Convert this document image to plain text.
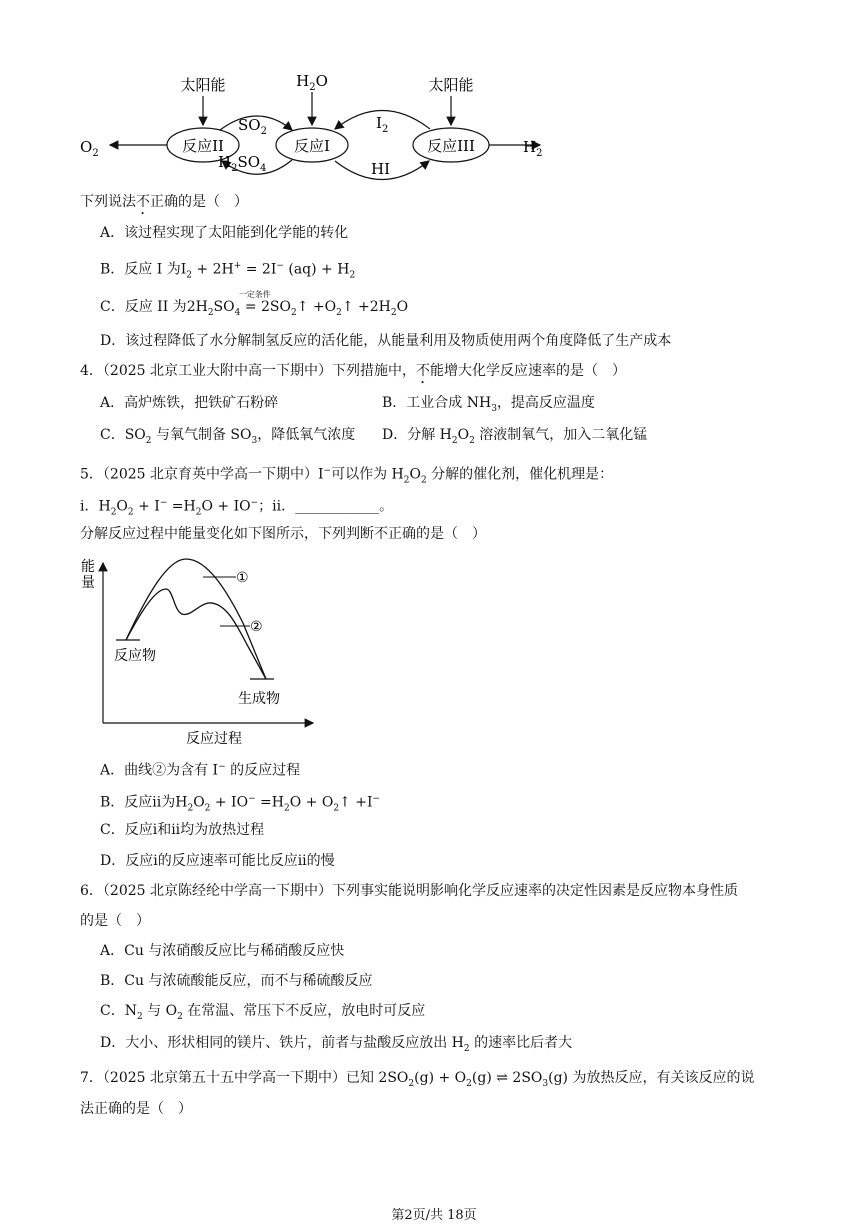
反应II	反应I	反应III
太阳能	$H_2O$	太阳能
$O_2$	$H_2$
$SO_2$
$H_2SO_4$
$I_2$
HI
下列说法不正确的是（　）
A．该过程实现了太阳能到化学能的转化
B．反应 I 为$I_2 + 2H^+ = 2I^-$ $(aq) + H_2$
C．反应 II 为$2H_2SO_4$
一定条件
= $2SO_2↑$ $+O_2↑ +2H_2O$
D．该过程降低了水分解制氢反应的活化能，从能量利用及物质使用两个角度降低了生产成本
4．（2025 北京工业大附中高一下期中）下列措施中，不能增大化学反应速率的是（　）
A．高炉炼铁，把铁矿石粉碎	B．工业合成 $NH_3$，提高反应温度
C．$SO_2$ 与氧气制备 $SO_3$，降低氧气浓度 D．分解 $H_2O_2$ 溶液制氧气，加入二氧化锰
5．（2025 北京育英中学高一下期中）I−可以作为 $H_2O_2$ 分解的催化剂，催化机理是：
i．$H_2O_2 + I^- =H_2O + IO^-$；ii．____________。
分解反应过程中能量变化如下图所示，下列判断不正确的是（　）
能
量
反应物
生成物
①
②
反应过程
A．曲线②为含有 I− 的反应过程
B．反应ii为$H_2O_2 + IO^- =H_2O$ + $O_2↑ +I^-$
C．反应i和ii均为放热过程
D．反应i的反应速率可能比反应ii的慢
6．（2025 北京陈经纶中学高一下期中）下列事实能说明影响化学反应速率的决定性因素是反应物本身性质
的是（　）
A．Cu 与浓硝酸反应比与稀硝酸反应快
B．Cu 与浓硫酸能反应，而不与稀硫酸反应
C．$N_2$ 与 $O_2$ 在常温、常压下不反应，放电时可反应
D．大小、形状相同的镁片、铁片，前者与盐酸反应放出 $H_2$ 的速率比后者大
7．（2025 北京第五十五中学高一下期中）已知 $2SO_2(g) + O_2(g)$ ⇌ $2SO_3(g)$ 为放热反应，有关该反应的说
法正确的是（　）
第2页/共 18页
